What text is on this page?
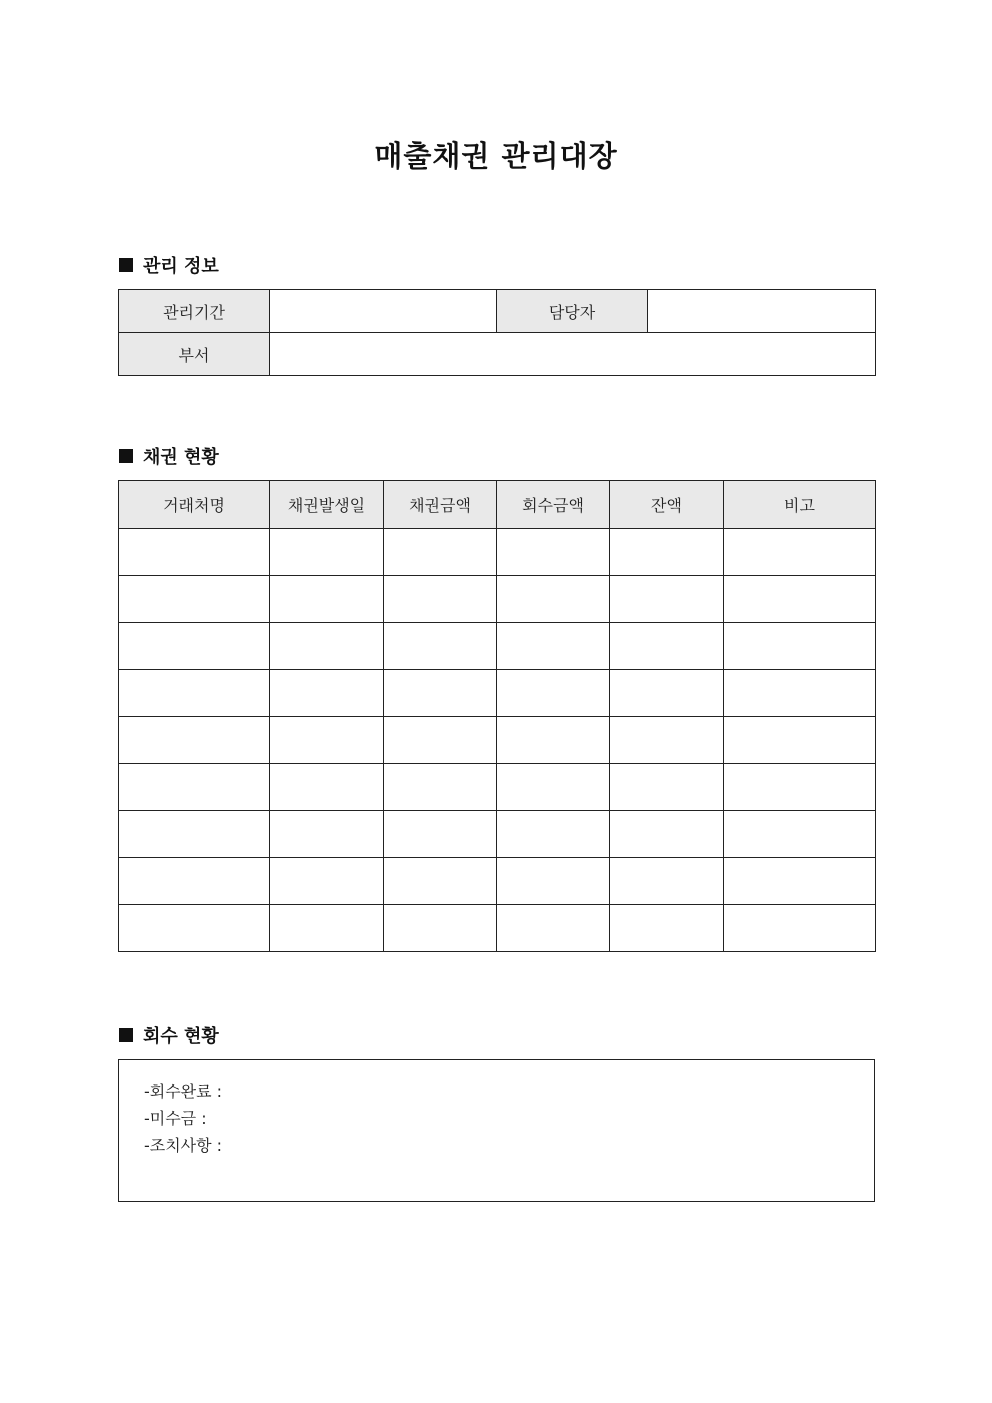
매출채권 관리대장
관리 정보
관리기간		담당자	
부서			
채권 현황
거래처명	채권발생일	채권금액	회수금액	잔액	비고

회수 현황
-회수완료 :
-미수금 :
-조치사항 :
